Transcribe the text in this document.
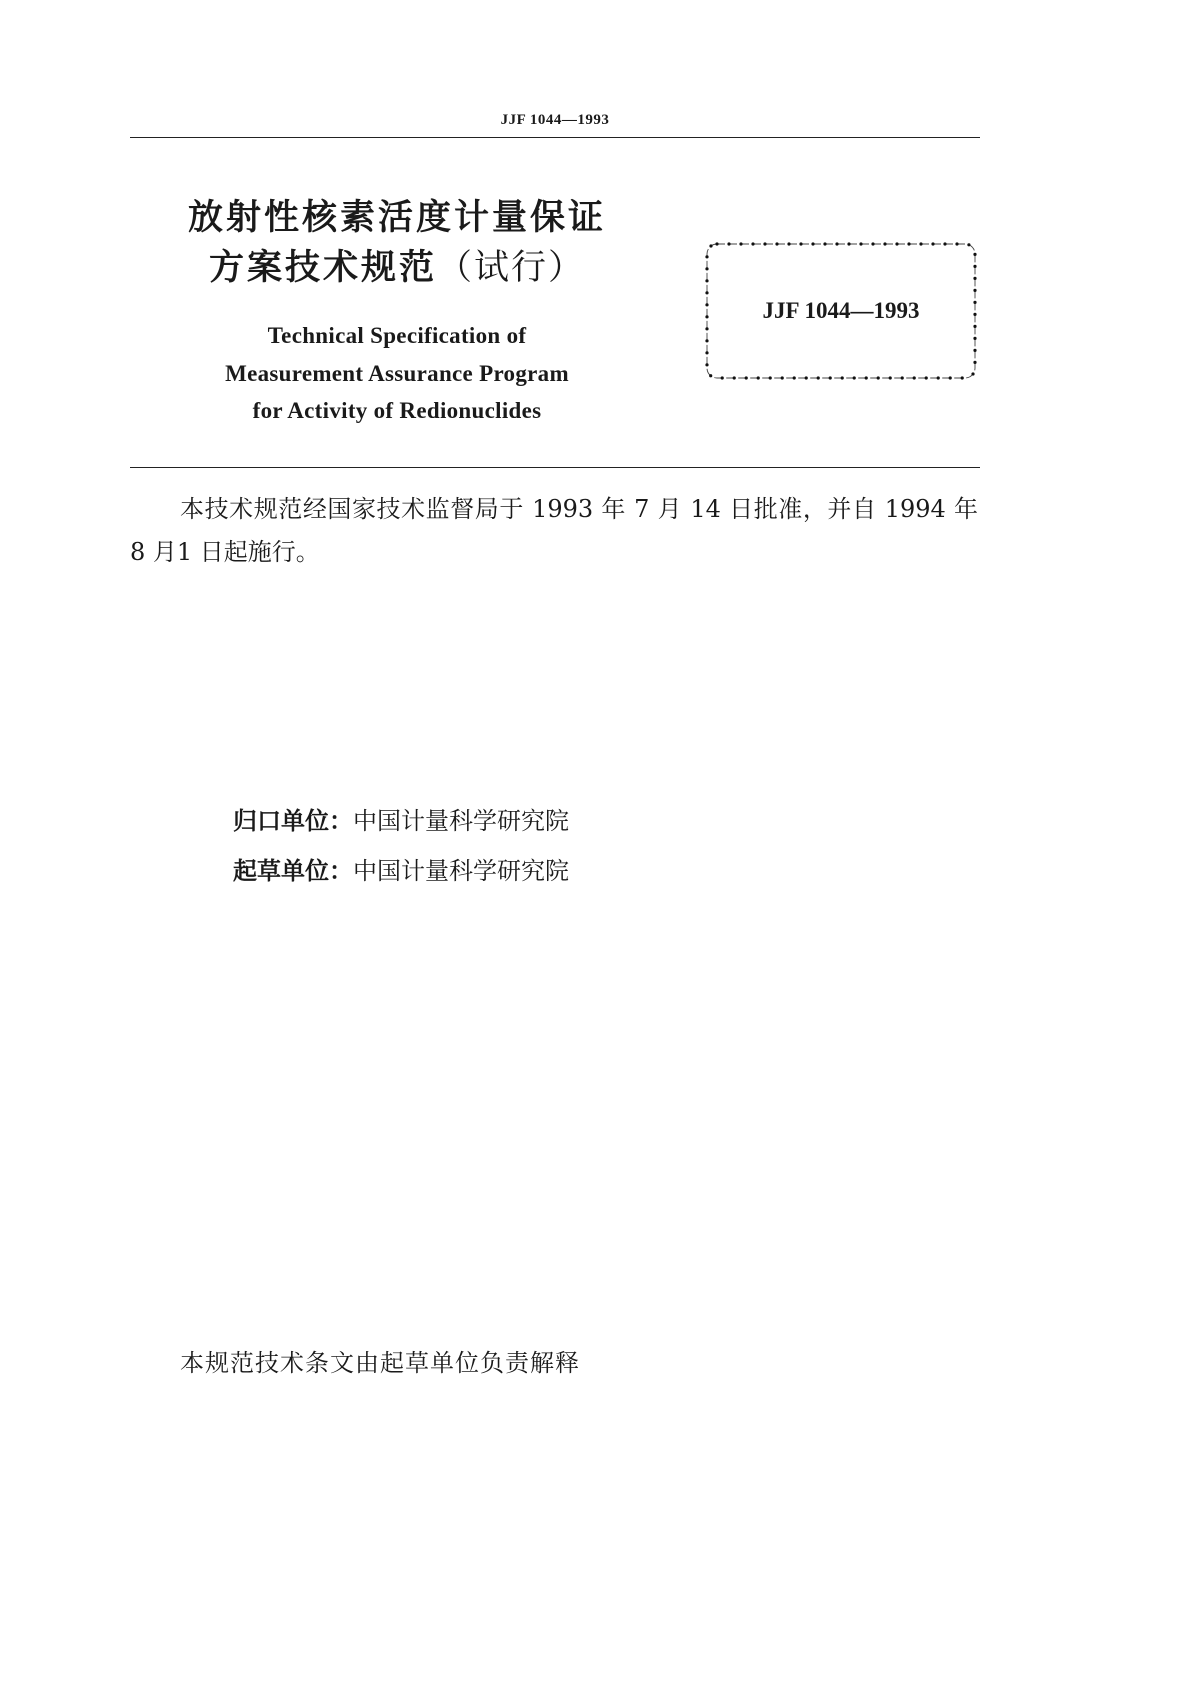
JJF 1044—1993
放射性核素活度计量保证
方案技术规范（试行）
Technical Specification of
Measurement Assurance Program
for Activity of Redionuclides
JJF 1044—1993
本技术规范经国家技术监督局于 1993 年 7 月 14 日批准，并自 1994 年
8 月1 日起施行。
归口单位：中国计量科学研究院
起草单位：中国计量科学研究院
本规范技术条文由起草单位负责解释
